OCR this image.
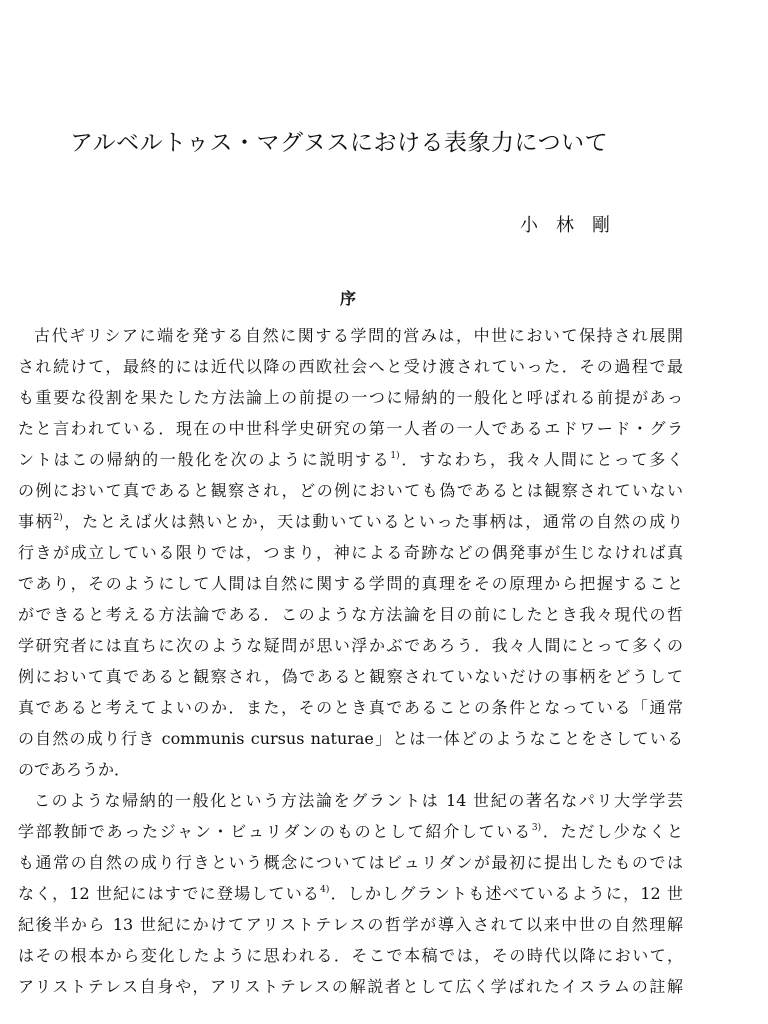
アルベルトゥス・マグヌスにおける表象力について
小林剛
序
古代ギリシアに端を発する自然に関する学問的営みは，中世において保持され展開
され続けて，最終的には近代以降の西欧社会へと受け渡されていった．その過程で最
も重要な役割を果たした方法論上の前提の一つに帰納的一般化と呼ばれる前提があっ
たと言われている．現在の中世科学史研究の第一人者の一人であるエドワード・グラ
ントはこの帰納的一般化を次のように説明する$^{1)}$．すなわち，我々人間にとって多く
の例において真であると観察され，どの例においても偽であるとは観察されていない
事柄$^{2)}$，たとえば火は熱いとか，天は動いているといった事柄は，通常の自然の成り
行きが成立している限りでは，つまり，神による奇跡などの偶発事が生じなければ真
であり，そのようにして人間は自然に関する学問的真理をその原理から把握すること
ができると考える方法論である．このような方法論を目の前にしたとき我々現代の哲
学研究者には直ちに次のような疑問が思い浮かぶであろう．我々人間にとって多くの
例において真であると観察され，偽であると観察されていないだけの事柄をどうして
真であると考えてよいのか．また，そのとき真であることの条件となっている「通常
の自然の成り行き communis cursus naturae」とは一体どのようなことをさしている
のであろうか．
このような帰納的一般化という方法論をグラントは 14 世紀の著名なパリ大学学芸
学部教師であったジャン・ビュリダンのものとして紹介している$^{3)}$．ただし少なくと
も通常の自然の成り行きという概念についてはビュリダンが最初に提出したものでは
なく，12 世紀にはすでに登場している$^{4)}$．しかしグラントも述べているように，12 世
紀後半から 13 世紀にかけてアリストテレスの哲学が導入されて以来中世の自然理解
はその根本から変化したように思われる．そこで本稿では，その時代以降において，
アリストテレス自身や，アリストテレスの解説者として広く学ばれたイスラムの註解
